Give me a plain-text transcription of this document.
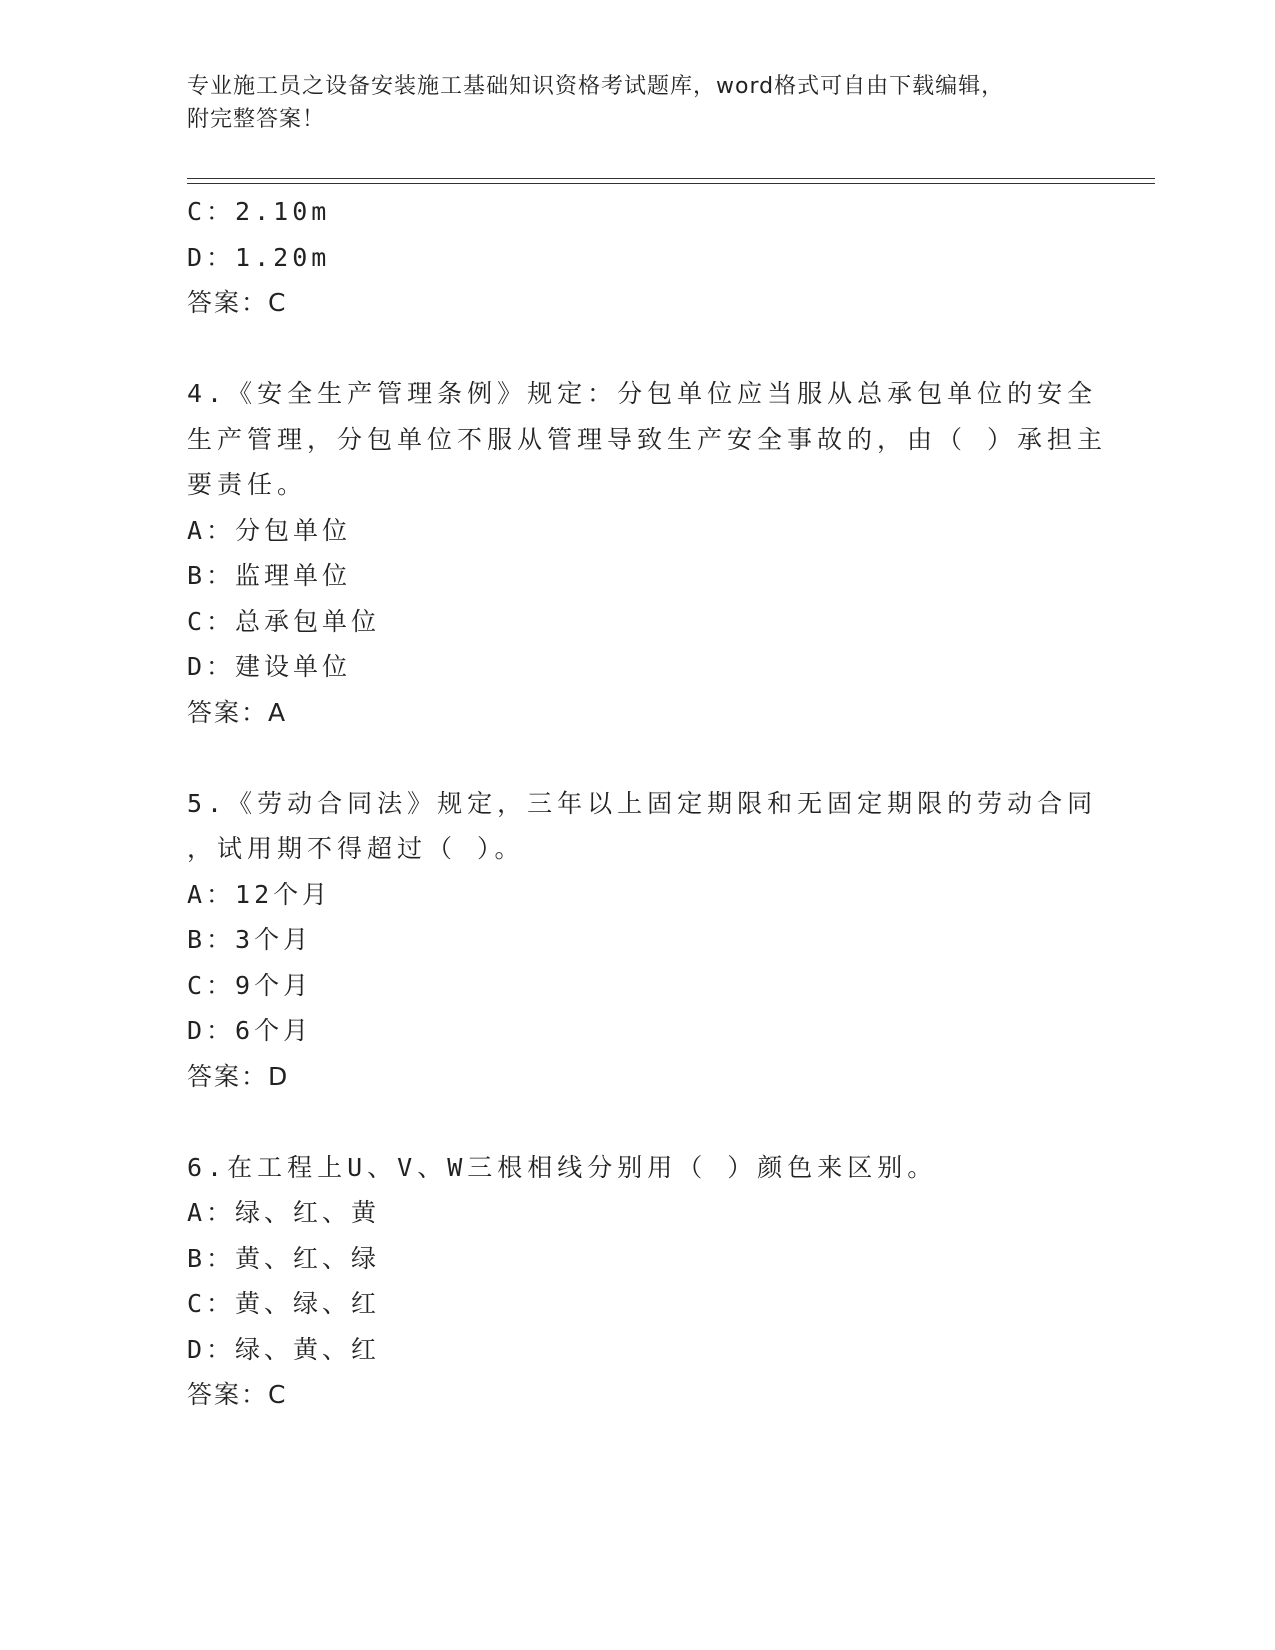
专业施工员之设备安装施工基础知识资格考试题库，word格式可自由下载编辑，
附完整答案！
C：2.10m
D：1.20m
答案：C
4.《安全生产管理条例》规定：分包单位应当服从总承包单位的安全
生产管理，分包单位不服从管理导致生产安全事故的，由（ ）承担主
要责任。
A：分包单位
B：监理单位
C：总承包单位
D：建设单位
答案：A
5.《劳动合同法》规定，三年以上固定期限和无固定期限的劳动合同
，试用期不得超过（ ）。
A：12个月
B：3个月
C：9个月
D：6个月
答案：D
6.在工程上U、V、W三根相线分别用（ ）颜色来区别。
A：绿、红、黄
B：黄、红、绿
C：黄、绿、红
D：绿、黄、红
答案：C
